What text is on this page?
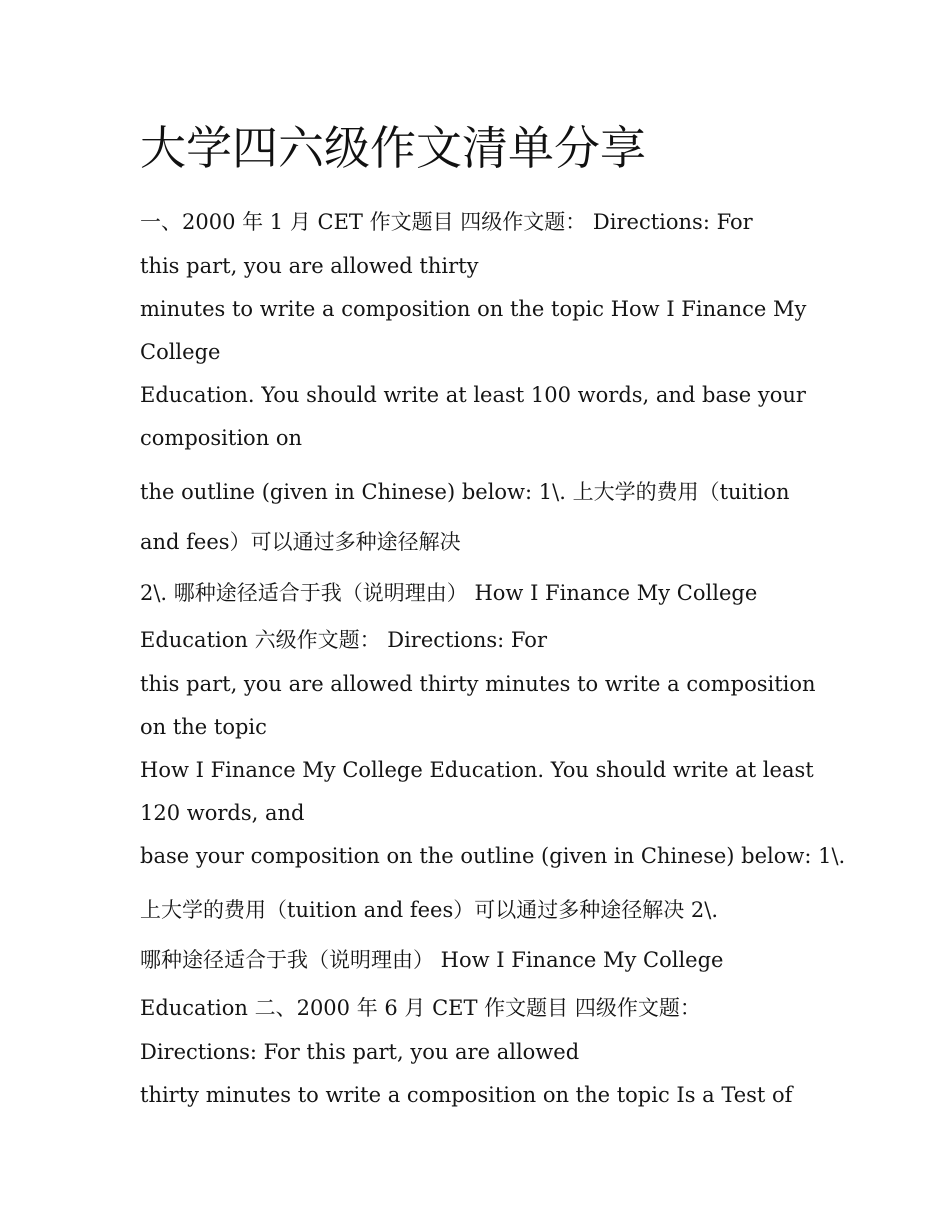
大学四六级作文清单分享
一、2000 年 1 月 CET 作文题目 四级作文题： Directions: For
this part, you are allowed thirty
minutes to write a composition on the topic How I Finance My
College
Education. You should write at least 100 words, and base your
composition on
the outline (given in Chinese) below: 1\. 上大学的费用（tuition
and fees）可以通过多种途径解决
2\. 哪种途径适合于我（说明理由） How I Finance My College
Education 六级作文题： Directions: For
this part, you are allowed thirty minutes to write a composition
on the topic
How I Finance My College Education. You should write at least
120 words, and
base your composition on the outline (given in Chinese) below: 1\.
上大学的费用（tuition and fees）可以通过多种途径解决 2\.
哪种途径适合于我（说明理由） How I Finance My College
Education 二、2000 年 6 月 CET 作文题目 四级作文题：
Directions: For this part, you are allowed
thirty minutes to write a composition on the topic Is a Test of
